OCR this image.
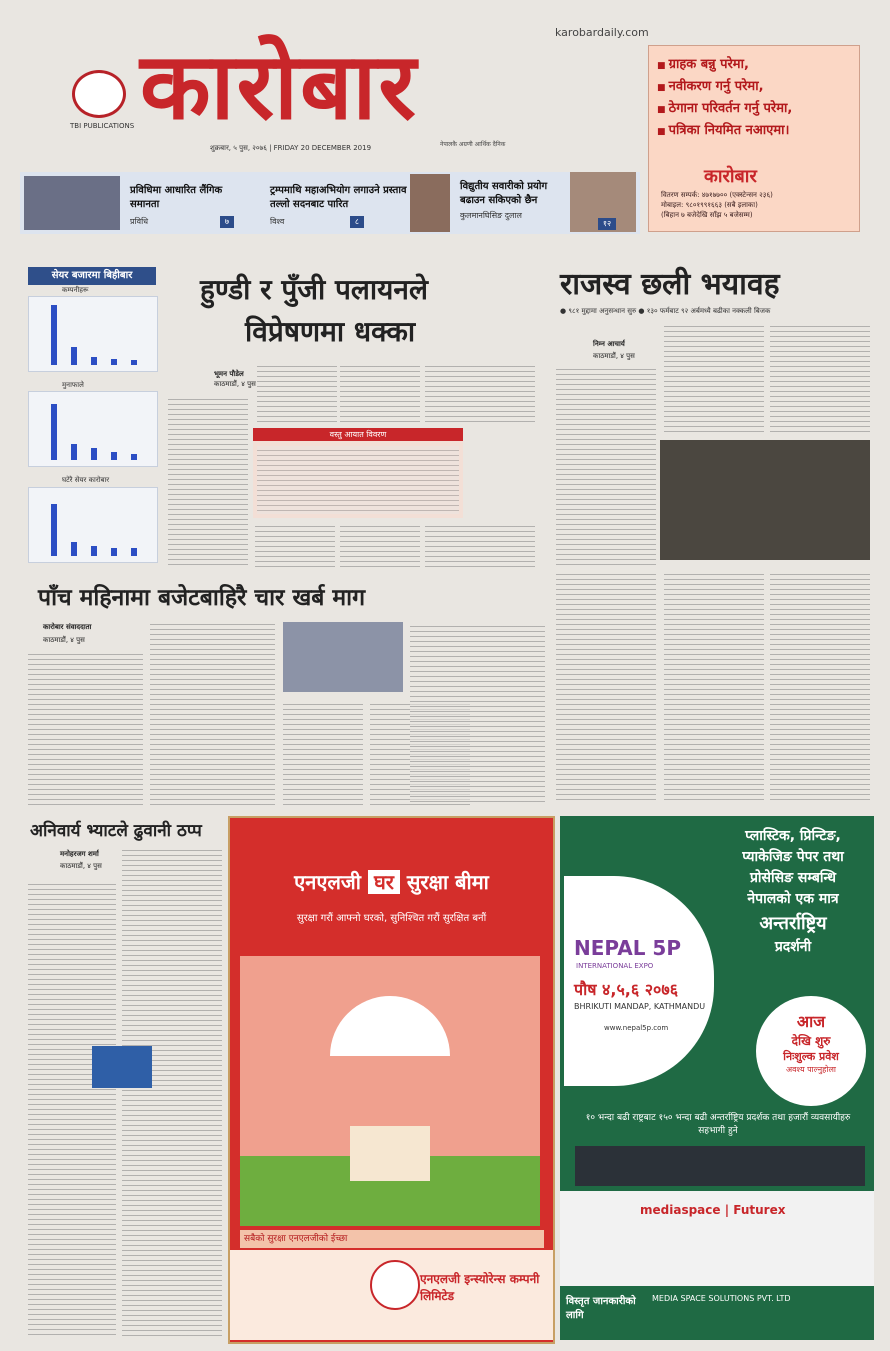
TBI PUBLICATIONS कारोबार	karobardaily.com
शुक्रबार, ५ पुस, २०७६ | FRIDAY 20 DECEMBER 2019	नेपालकै अग्रणी आर्थिक दैनिक
■ ग्राहक बन्नु परेमा,
■ नवीकरण गर्नु परेमा,
■ ठेगाना परिवर्तन गर्नु परेमा,
■ पत्रिका नियमित नआएमा।
कारोबार
वितरण सम्पर्क: ४७१७७०० (एक्स्टेन्सन २३६)
मोबाइल: ९८०१९९१६६३ (सबै इलाका)
(बिहान ७ बजेदेखि साँझ ५ बजेसम्म)
प्रविधिमा आधारित लैंगिक समानता
प्रविधि	७
ट्रम्पमाथि महाअभियोग लगाउने प्रस्ताव तल्लो सदनबाट पारित
विश्व	८
विद्युतीय सवारीको प्रयोग बढाउन सकिएको छैन
कुलमानघिसिङ दुलाल
१२
सेयर बजारमा बिहीबार
कम्पनीहरू
मुनाफाले
घटेरै सेयर कारोबार
हुण्डी र पुँजी पलायनले
विप्रेषणमा धक्का
भूमन पौडेल
काठमाडौं, ४ पुस
वस्तु आयात विवरण
राजस्व छली भयावह
● ९८१ मुद्दामा अनुसन्धान सुरु ● १३० फर्मबाट ९२ अर्बमध्यै बढीका नक्कली बिजक
निम्न आचार्य
काठमाडौं, ४ पुस
पाँच महिनामा बजेटबाहिरै चार खर्ब माग
कारोबार संवाददाता
काठमाडौं, ४ पुस
अनिवार्य भ्याटले ढुवानी ठप्प
मनोहरजग शर्मा
काठमाडौं, ४ पुस
एनएलजी घर सुरक्षा बीमा
सुरक्षा गरौं आफ्नो घरको, सुनिश्चित गरौं सुरक्षित बनौं
सबैको सुरक्षा एनएलजीको ईच्छा
एनएलजी इन्स्योरेन्स कम्पनी लिमिटेड
प्लास्टिक, प्रिन्टिङ,
प्याकेजिङ पेपर तथा
प्रोसेसिङ सम्बन्धि
नेपालको एक मात्र
अन्तर्राष्ट्रिय
प्रदर्शनी
NEPAL 5P
INTERNATIONAL EXPO
पौष ४,५,६ २०७६
BHRIKUTI MANDAP, KATHMANDU
www.nepal5p.com	आज
देखि शुरु
निःशुल्क प्रवेश
अवश्य पाल्नुहोला
१० भन्दा बढी राष्ट्रबाट १५० भन्दा बढी अन्तर्राष्ट्रिय प्रदर्शक तथा हजारौं व्यवसायीहरु सहभागी हुने
mediaspace | Futurex
विस्तृत जानकारीको लागि
MEDIA SPACE SOLUTIONS PVT. LTD
